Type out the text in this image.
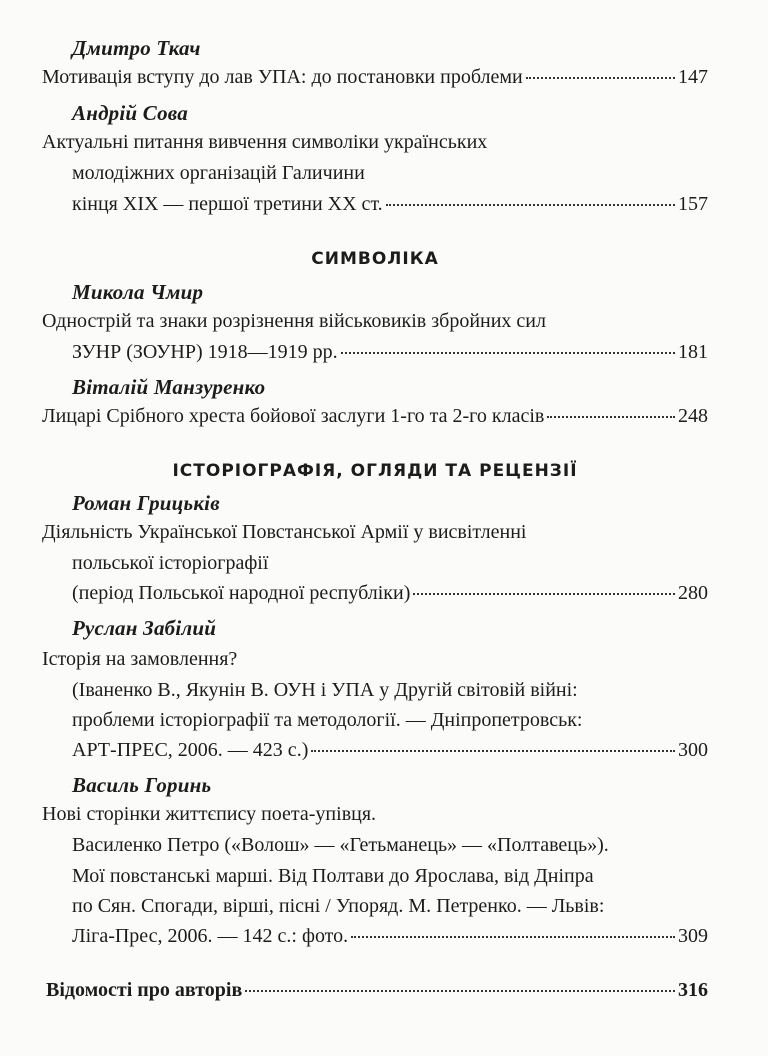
Дмитро Ткач
Мотивація вступу до лав УПА: до постановки проблеми	147
Андрій Сова
Актуальні питання вивчення символіки українських
молодіжних організацій Галичини
кінця XIX — першої третини XX ст.	157
СИМВОЛІКА
Микола Чмир
Однострій та знаки розрізнення військовиків збройних сил
ЗУНР (ЗОУНР) 1918—1919 рр.	181
Віталій Манзуренко
Лицарі Срібного хреста бойової заслуги 1-го та 2-го класів	248
ІСТОРІОГРАФІЯ, ОГЛЯДИ ТА РЕЦЕНЗІЇ
Роман Грицьків
Діяльність Української Повстанської Армії у висвітленні
польської історіографії
(період Польської народної республіки)	280
Руслан Забілий
Історія на замовлення?
(Іваненко В., Якунін В. ОУН і УПА у Другій світовій війні:
проблеми історіографії та методології. — Дніпропетровськ:
АРТ-ПРЕС, 2006. — 423 с.)	300
Василь Горинь
Нові сторінки життєпису поета-упівця.
Василенко Петро («Волош» — «Гетьманець» — «Полтавець»).
Мої повстанські марші. Від Полтави до Ярослава, від Дніпра
по Сян. Спогади, вірші, пісні / Упоряд. М. Петренко. — Львів:
Ліга-Прес, 2006. — 142 с.: фото.	309
Відомості про авторів	316
